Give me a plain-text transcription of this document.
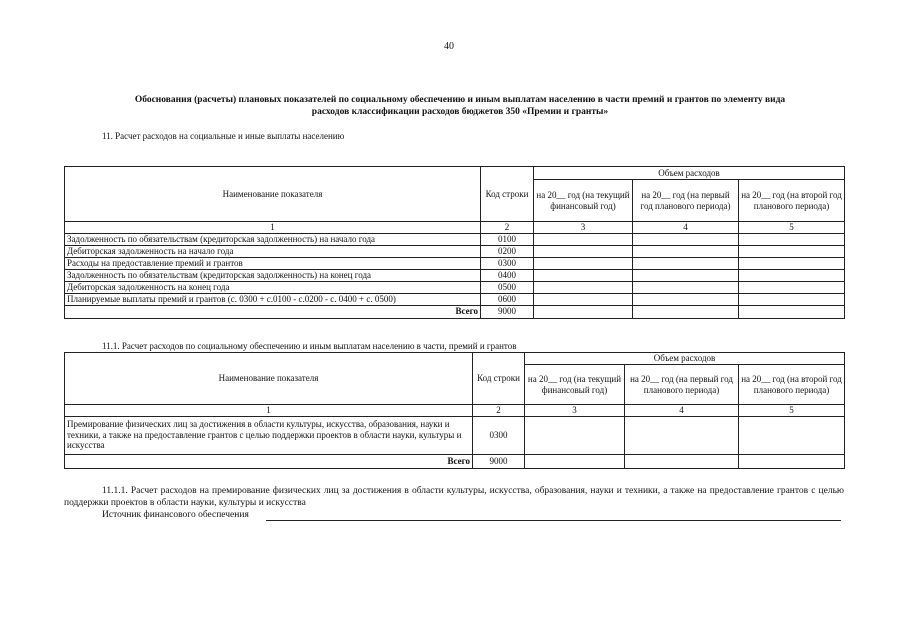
40
Обоснования (расчеты) плановых показателей по социальному обеспечению и иным выплатам населению в части премий и грантов по элементу вида
расходов классификации расходов бюджетов 350 «Премии и гранты»
11. Расчет расходов на социальные и иные выплаты населению
Наименование показателя	Код строки	Объем расходов		
		на 20__ год (на текущий финансовый год)	на 20__ год (на первый год планового периода)	на 20__ год (на второй год планового периода)
1	2	3	4	5
Задолженность по обязательствам (кредиторская задолженность) на начало года	0100			
Дебиторская задолженность на начало года	0200			
Расходы на предоставление премий и грантов	0300			
Задолженность по обязательствам (кредиторская задолженность) на конец года	0400			
Дебиторская задолженность на конец года	0500			
Планируемые выплаты премий и грантов (с. 0300 + с.0100 - с.0200 - с. 0400 + с. 0500)	0600			
Всего	9000			
11.1. Расчет расходов по социальному обеспечению и иным выплатам населению в части, премий и грантов
Наименование показателя	Код строки	Объем расходов		
		на 20__ год (на текущий финансовый год)	на 20__ год (на первый год планового периода)	на 20__ год (на второй год планового периода)
1	2	3	4	5
Премирование физических лиц за достижения в области культуры, искусства, образования, науки и техники, а также на предоставление грантов с целью поддержки проектов в области науки, культуры и искусства	0300			
Всего	9000			
11.1.1. Расчет расходов на премирование физических лиц за достижения в области культуры, искусства, образования, науки и техники, а также на предоставление грантов с целью поддержки проектов в области науки, культуры и искусства
Источник финансового обеспечения
